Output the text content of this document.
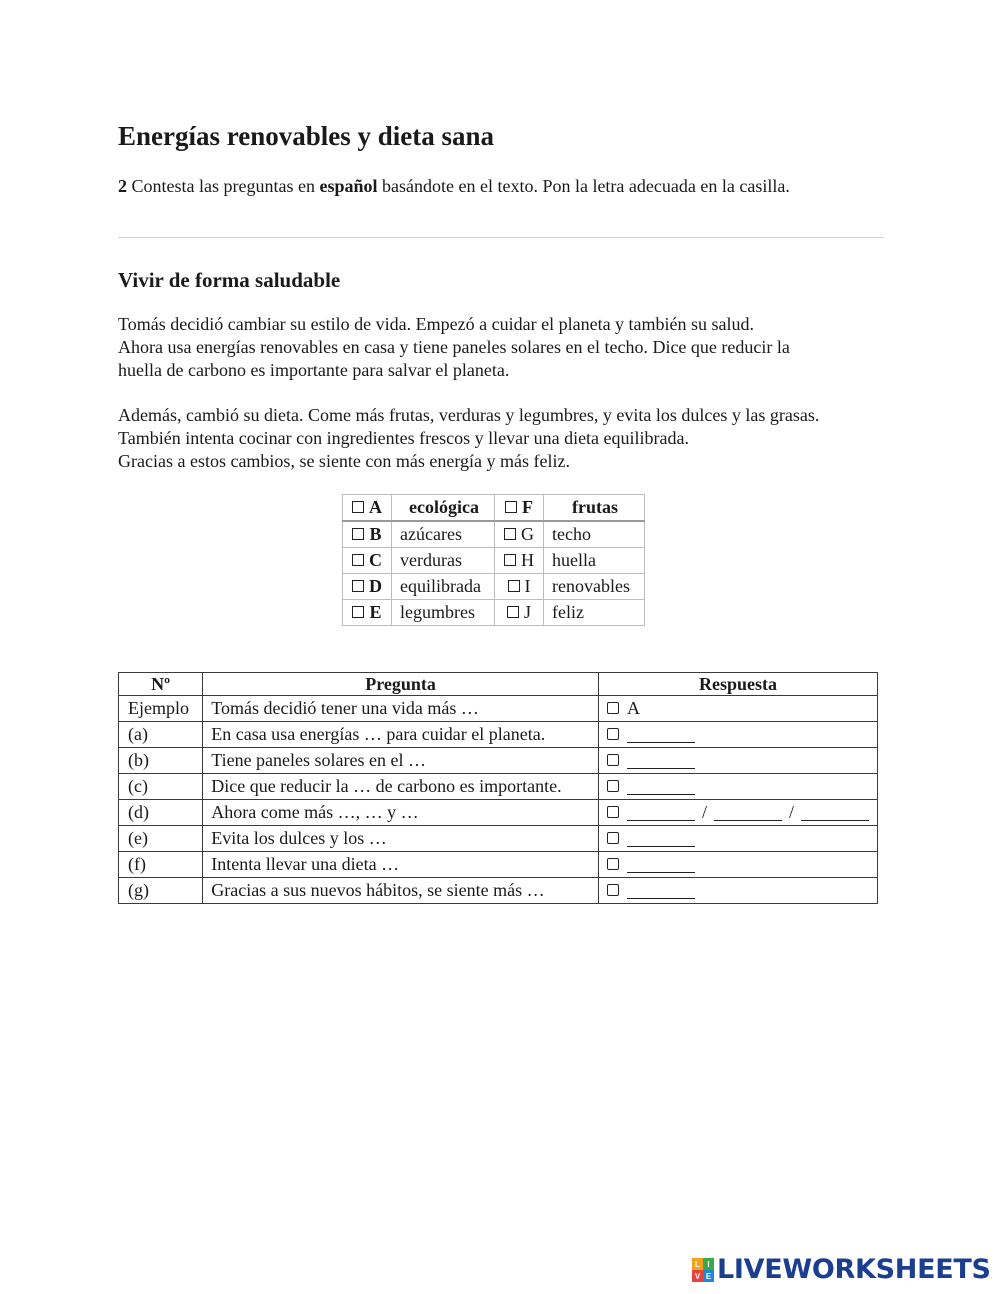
Energías renovables y dieta sana
2 Contesta las preguntas en español basándote en el texto. Pon la letra adecuada en la casilla.
Vivir de forma saludable
Tomás decidió cambiar su estilo de vida. Empezó a cuidar el planeta y también su salud.
Ahora usa energías renovables en casa y tiene paneles solares en el techo. Dice que reducir la
huella de carbono es importante para salvar el planeta.
Además, cambió su dieta. Come más frutas, verduras y legumbres, y evita los dulces y las grasas.
También intenta cocinar con ingredientes frescos y llevar una dieta equilibrada.
Gracias a estos cambios, se siente con más energía y más feliz.
A	ecológica	F	frutas
B	azúcares	G	techo
C	verduras	H	huella
D	equilibrada	I	renovables
E	legumbres	J	feliz
Nº	Pregunta	Respuesta
Ejemplo	Tomás decidió tener una vida más …	A
(a)	En casa usa energías … para cuidar el planeta.	
(b)	Tiene paneles solares en el …	
(c)	Dice que reducir la … de carbono es importante.	
(d)	Ahora come más …, … y …	/ /
(e)	Evita los dulces y los …	
(f)	Intenta llevar una dieta …	
(g)	Gracias a sus nuevos hábitos, se siente más …	
L I
V E LIVEWORKSHEETS
